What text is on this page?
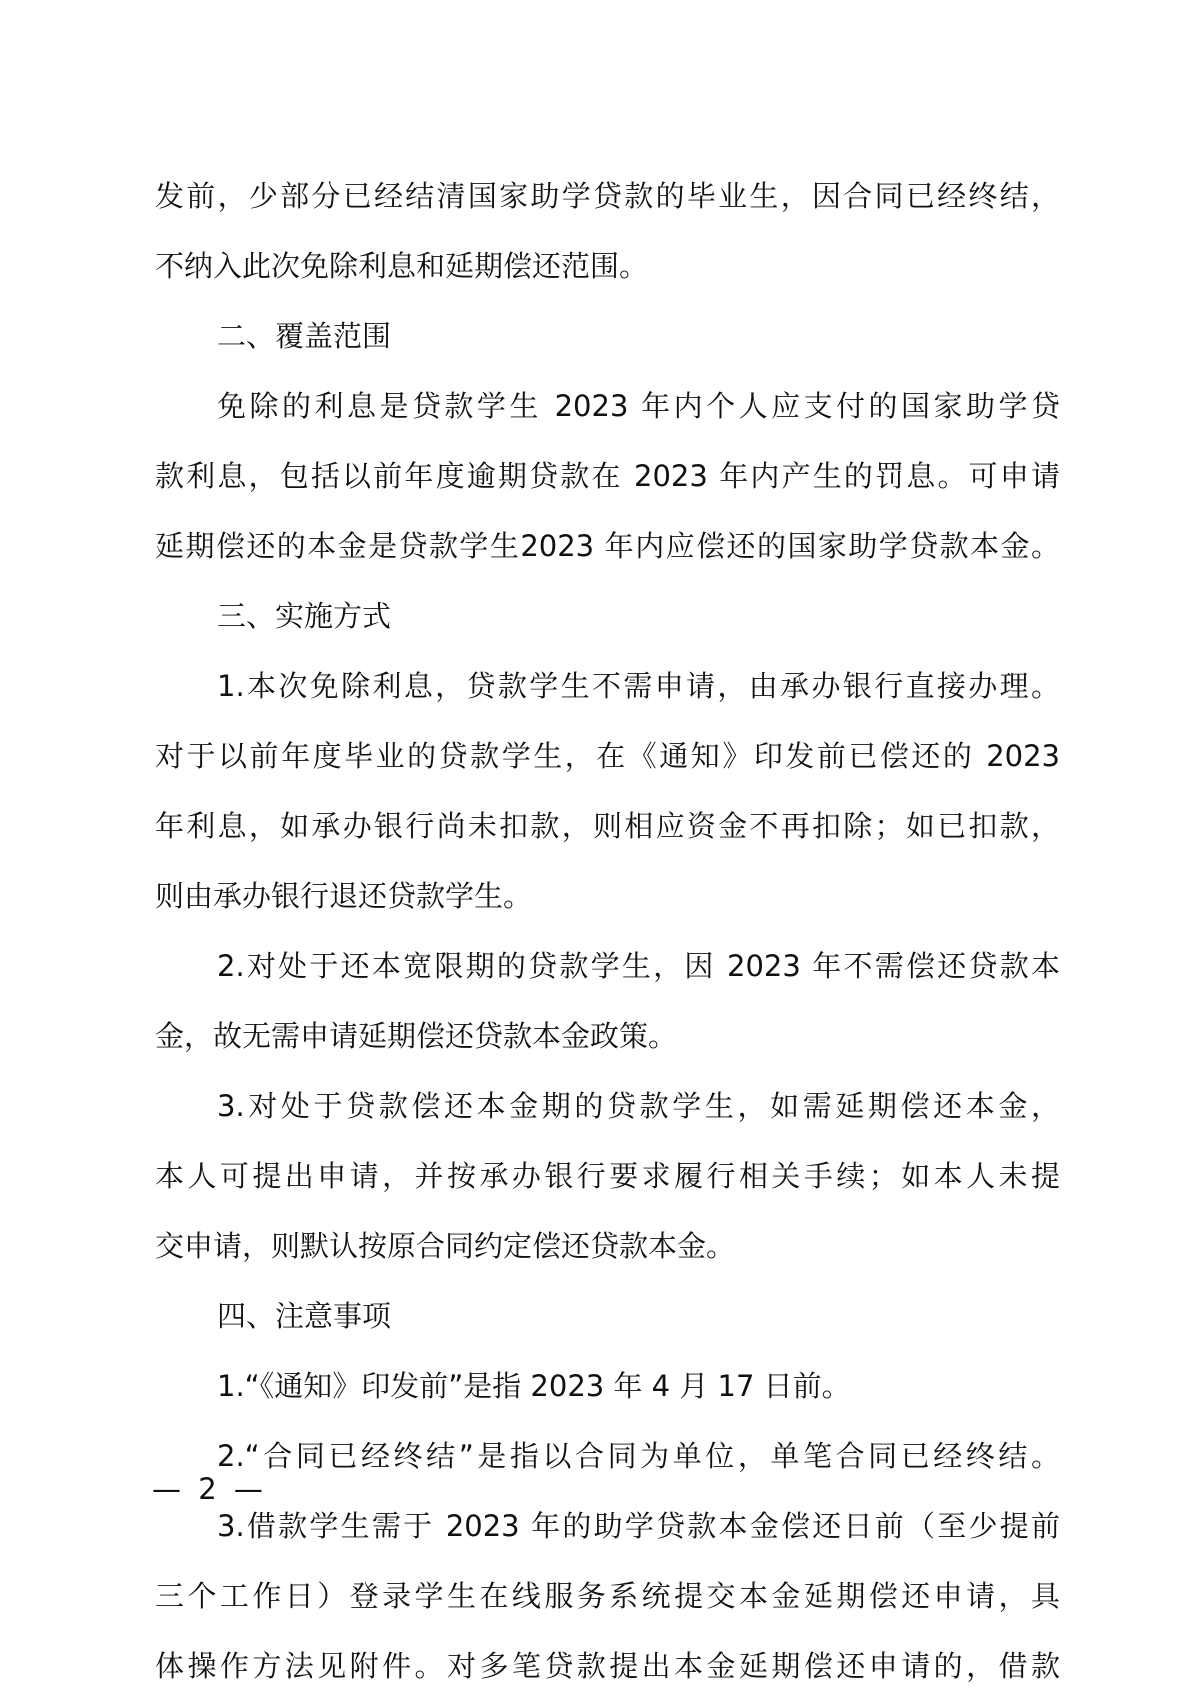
发前，少部分已经结清国家助学贷款的毕业生，因合同已经终结，
不纳入此次免除利息和延期偿还范围。
二、覆盖范围
免除的利息是贷款学生 2023 年内个人应支付的国家助学贷
款利息，包括以前年度逾期贷款在 2023 年内产生的罚息。可申请
延期偿还的本金是贷款学生2023 年内应偿还的国家助学贷款本金。
三、实施方式
1.本次免除利息，贷款学生不需申请，由承办银行直接办理。
对于以前年度毕业的贷款学生，在《通知》印发前已偿还的 2023
年利息，如承办银行尚未扣款，则相应资金不再扣除；如已扣款，
则由承办银行退还贷款学生。
2.对处于还本宽限期的贷款学生，因 2023 年不需偿还贷款本
金，故无需申请延期偿还贷款本金政策。
3.对处于贷款偿还本金期的贷款学生，如需延期偿还本金，
本人可提出申请，并按承办银行要求履行相关手续；如本人未提
交申请，则默认按原合同约定偿还贷款本金。
四、注意事项
1.“《通知》印发前”是指 2023 年 4 月 17 日前。
2.“合同已经终结”是指以合同为单位，单笔合同已经终结。
3.借款学生需于 2023 年的助学贷款本金偿还日前（至少提前
三个工作日）登录学生在线服务系统提交本金延期偿还申请，具
体操作方法见附件。对多笔贷款提出本金延期偿还申请的，借款
— 2 —
